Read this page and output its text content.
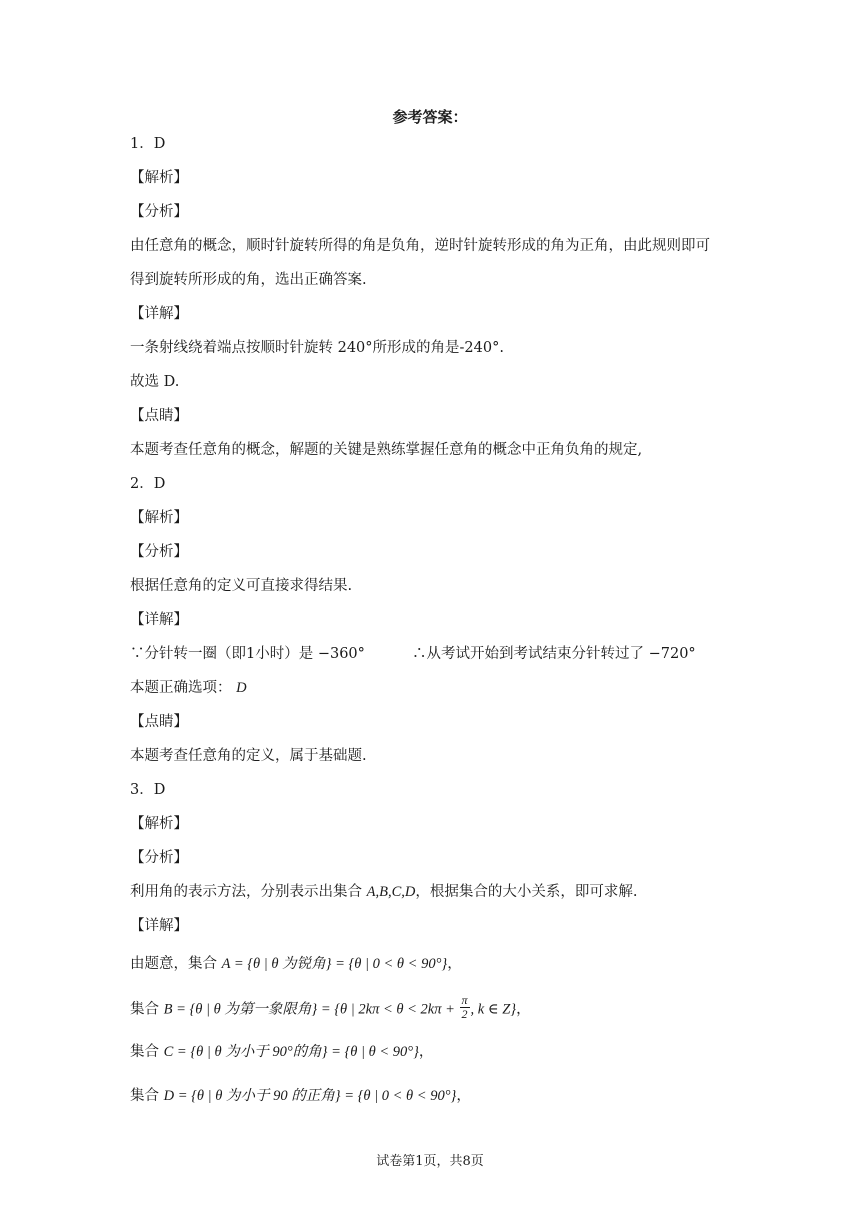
参考答案：
1．D
【解析】
【分析】
由任意角的概念，顺时针旋转所得的角是负角，逆时针旋转形成的角为正角，由此规则即可
得到旋转所形成的角，选出正确答案.
【详解】
一条射线绕着端点按顺时针旋转 240°所形成的角是-240°.
故选 D.
【点睛】
本题考查任意角的概念，解题的关键是熟练掌握任意角的概念中正角负角的规定,
2．D
【解析】
【分析】
根据任意角的定义可直接求得结果.
【详解】
∵分针转一圈（即1小时）是 −360°	∴从考试开始到考试结束分针转过了 −720°
本题正确选项： D
【点睛】
本题考查任意角的定义，属于基础题.
3．D
【解析】
【分析】
利用角的表示方法，分别表示出集合 A,B,C,D，根据集合的大小关系，即可求解.
【详解】
由题意，集合 A = {θ | θ 为锐角} = {θ | 0 < θ < 90°}，
集合 B = {θ | θ 为第一象限角} = {θ | $2k\pi < \theta < 2k\pi + \frac{\pi}{2}$ , k ∈ Z}，
集合 C = {θ | θ 为小于 90°的角} = {θ | θ < 90°}，
集合 D = {θ | θ 为小于 90 的正角} = {θ | 0 < θ < 90°}，
试卷第1页，共8页
